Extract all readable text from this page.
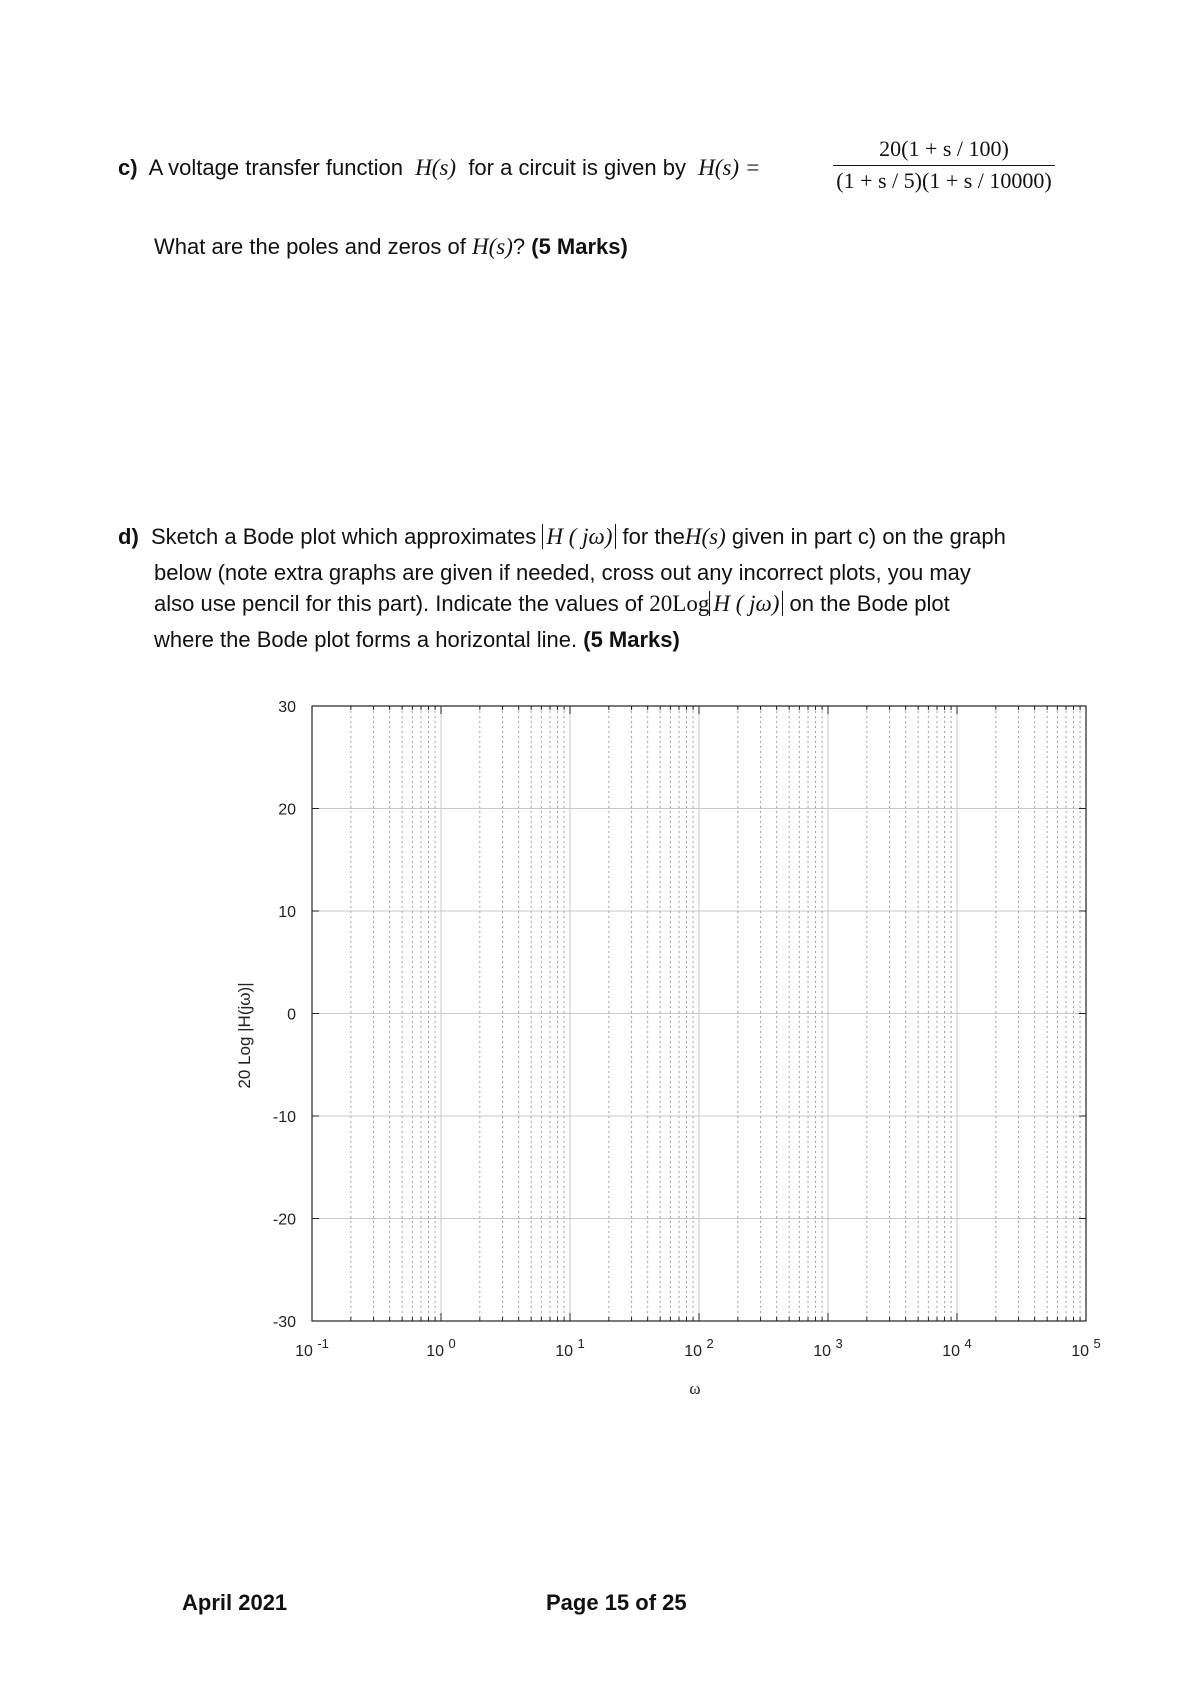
c) A voltage transfer function H(s) for a circuit is given by H(s) =
20(1 + s / 100)
(1 + s / 5)(1 + s / 10000)
What are the poles and zeros of H(s)? (5 Marks)
d) Sketch a Bode plot which approximates H ( jω) for theH(s) given in part c) on the graph
below (note extra graphs are given if needed, cross out any incorrect plots, you may
also use pencil for this part). Indicate the values of 20Log H ( jω) on the Bode plot
where the Bode plot forms a horizontal line. (5 Marks)
30
20
10
0
-10
-20
-30
10 $^{-1}$	10 $^0$	10 $^1$	10 $^2$	10 $^3$	10 $^4$	10 $^5$
ω
20 Log |H(jω)|
April 2021	Page 15 of 25
